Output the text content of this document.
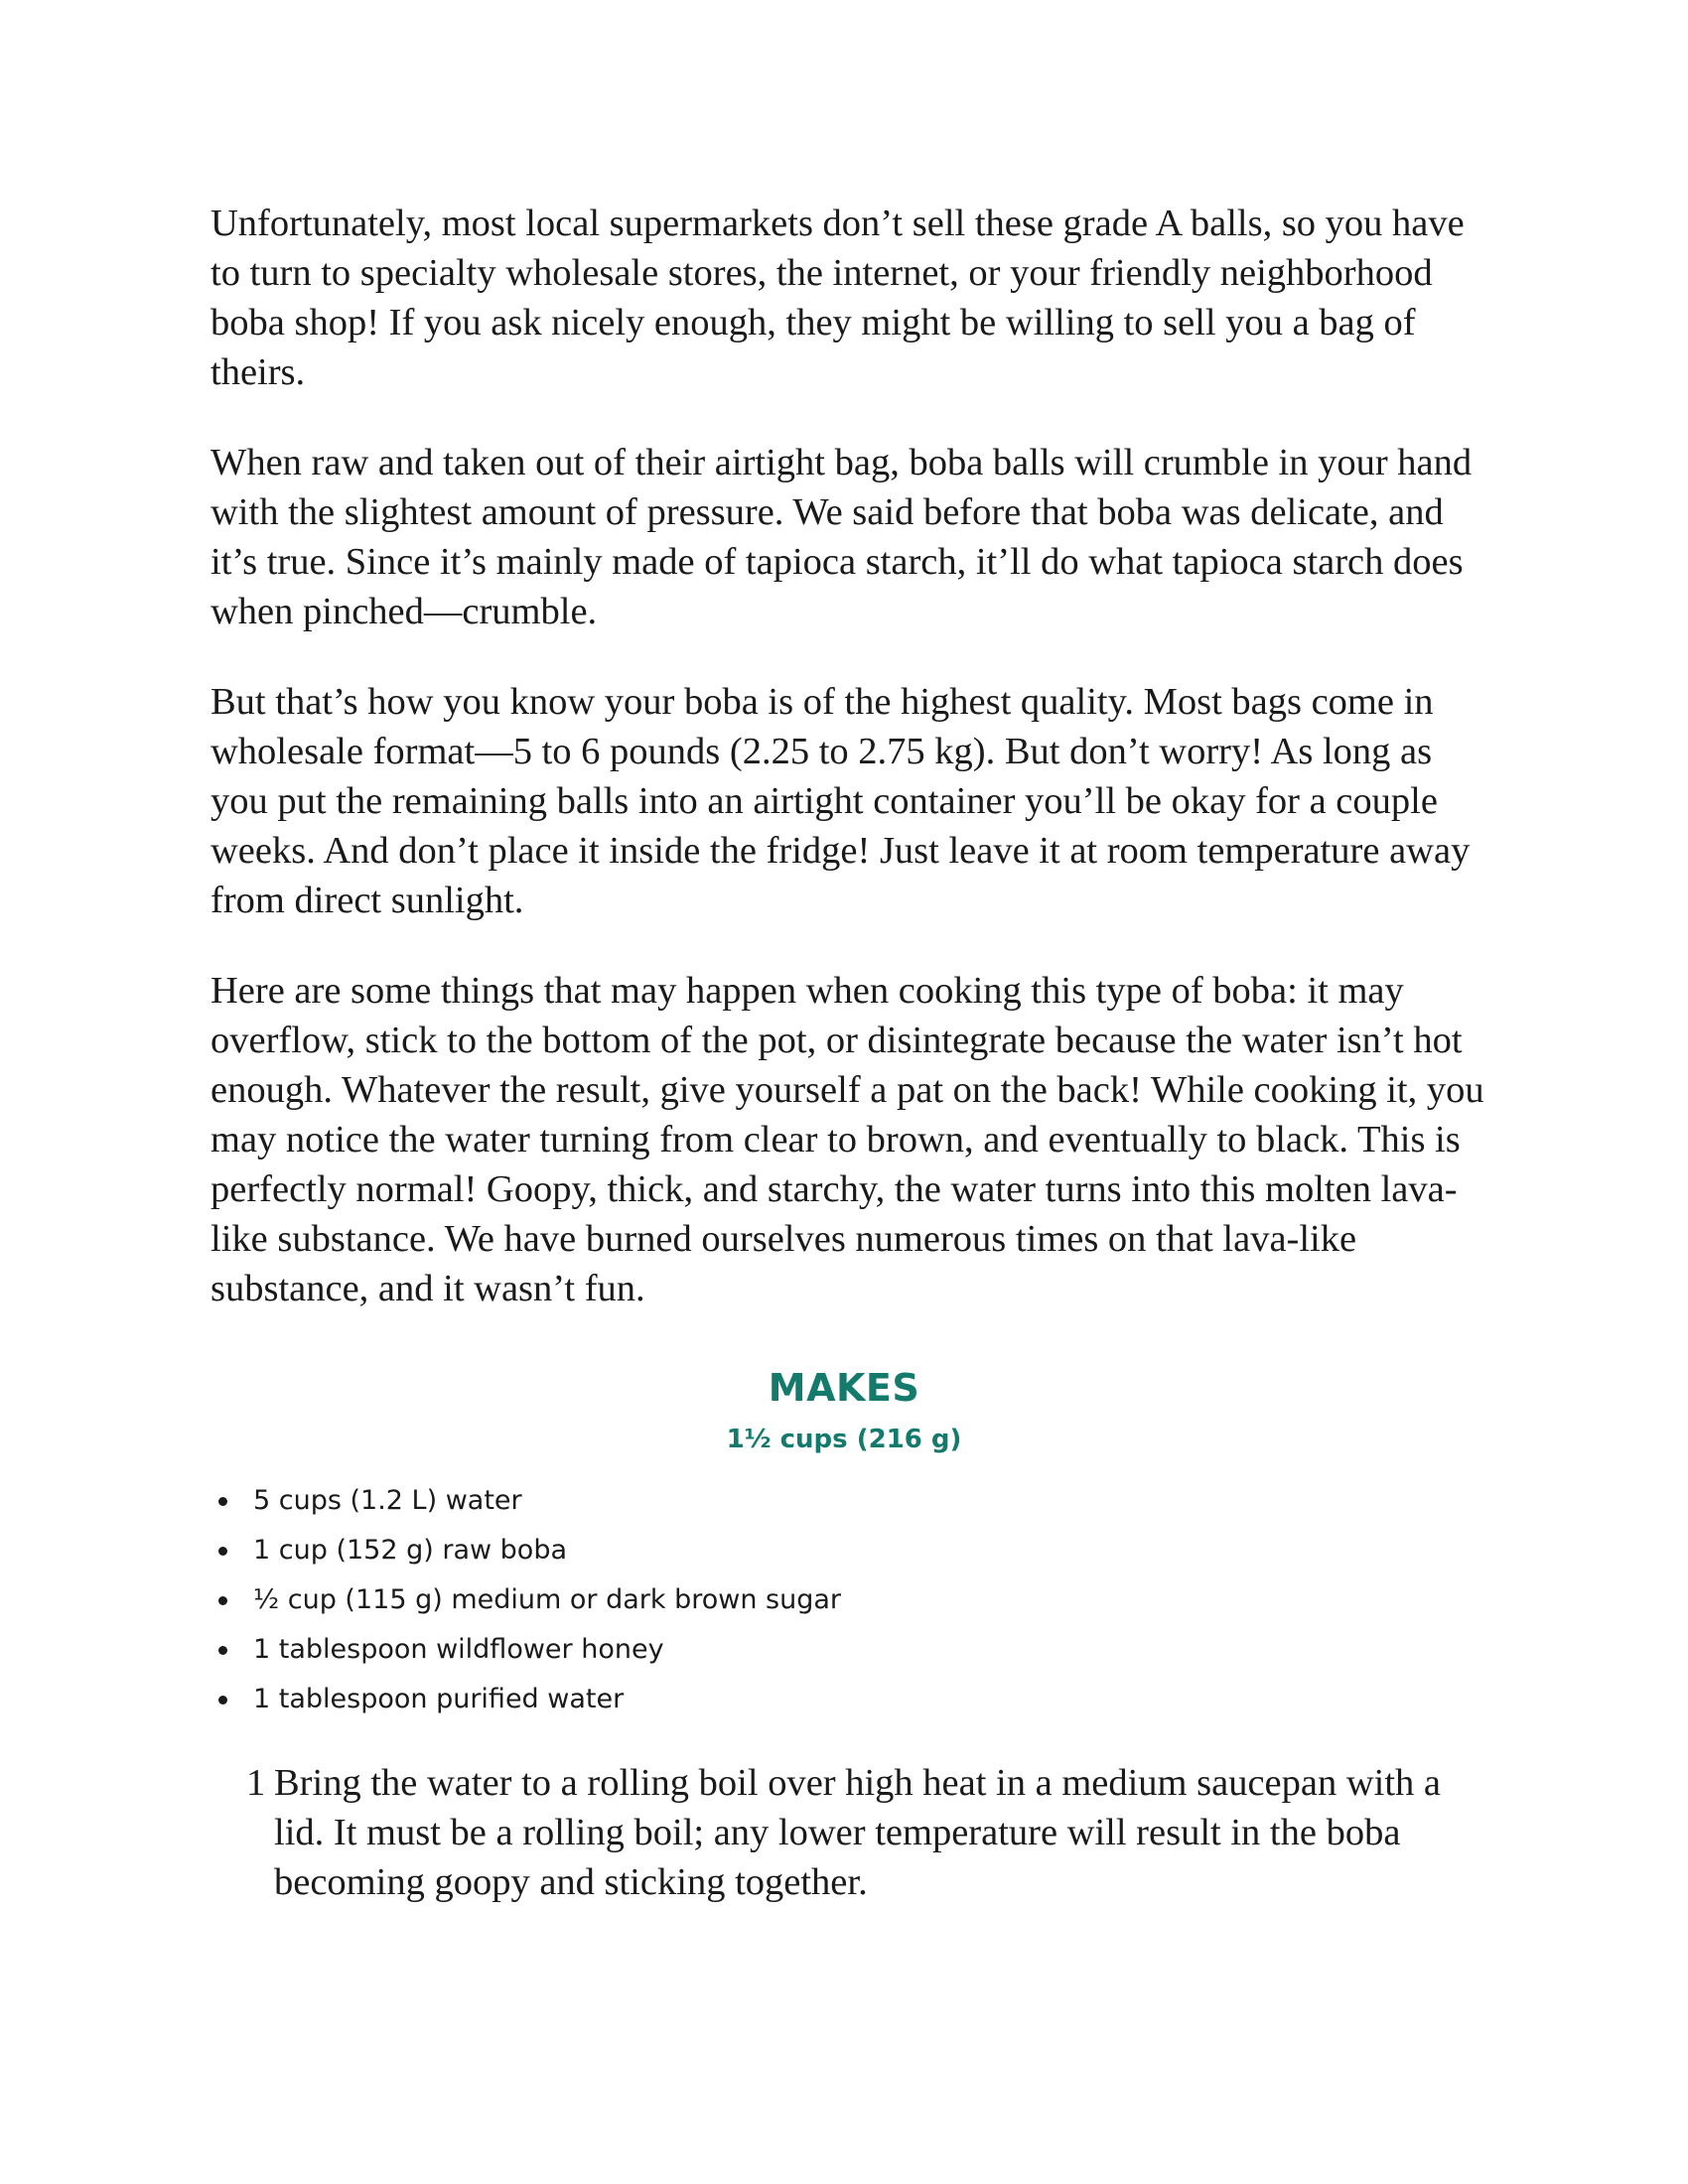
Unfortunately, most local supermarkets don’t sell these grade A balls, so you have to turn to specialty wholesale stores, the internet, or your friendly neighborhood boba shop! If you ask nicely enough, they might be willing to sell you a bag of theirs.

When raw and taken out of their airtight bag, boba balls will crumble in your hand with the slightest amount of pressure. We said before that boba was delicate, and it’s true. Since it’s mainly made of tapioca starch, it’ll do what tapioca starch does when pinched—crumble.

But that’s how you know your boba is of the highest quality. Most bags come in wholesale format—5 to 6 pounds (2.25 to 2.75 kg). But don’t worry! As long as you put the remaining balls into an airtight container you’ll be okay for a couple weeks. And don’t place it inside the fridge! Just leave it at room temperature away from direct sunlight.

Here are some things that may happen when cooking this type of boba: it may overflow, stick to the bottom of the pot, or disintegrate because the water isn’t hot enough. Whatever the result, give yourself a pat on the back! While cooking it, you may notice the water turning from clear to brown, and eventually to black. This is perfectly normal! Goopy, thick, and starchy, the water turns into this molten lava-like substance. We have burned ourselves numerous times on that lava-like substance, and it wasn’t fun.

MAKES
1½ cups (216 g)
5 cups (1.2 L) water
1 cup (152 g) raw boba
½ cup (115 g) medium or dark brown sugar
1 tablespoon wildflower honey
1 tablespoon purified water
1 Bring the water to a rolling boil over high heat in a medium saucepan with a lid. It must be a rolling boil; any lower temperature will result in the boba becoming goopy and sticking together.
